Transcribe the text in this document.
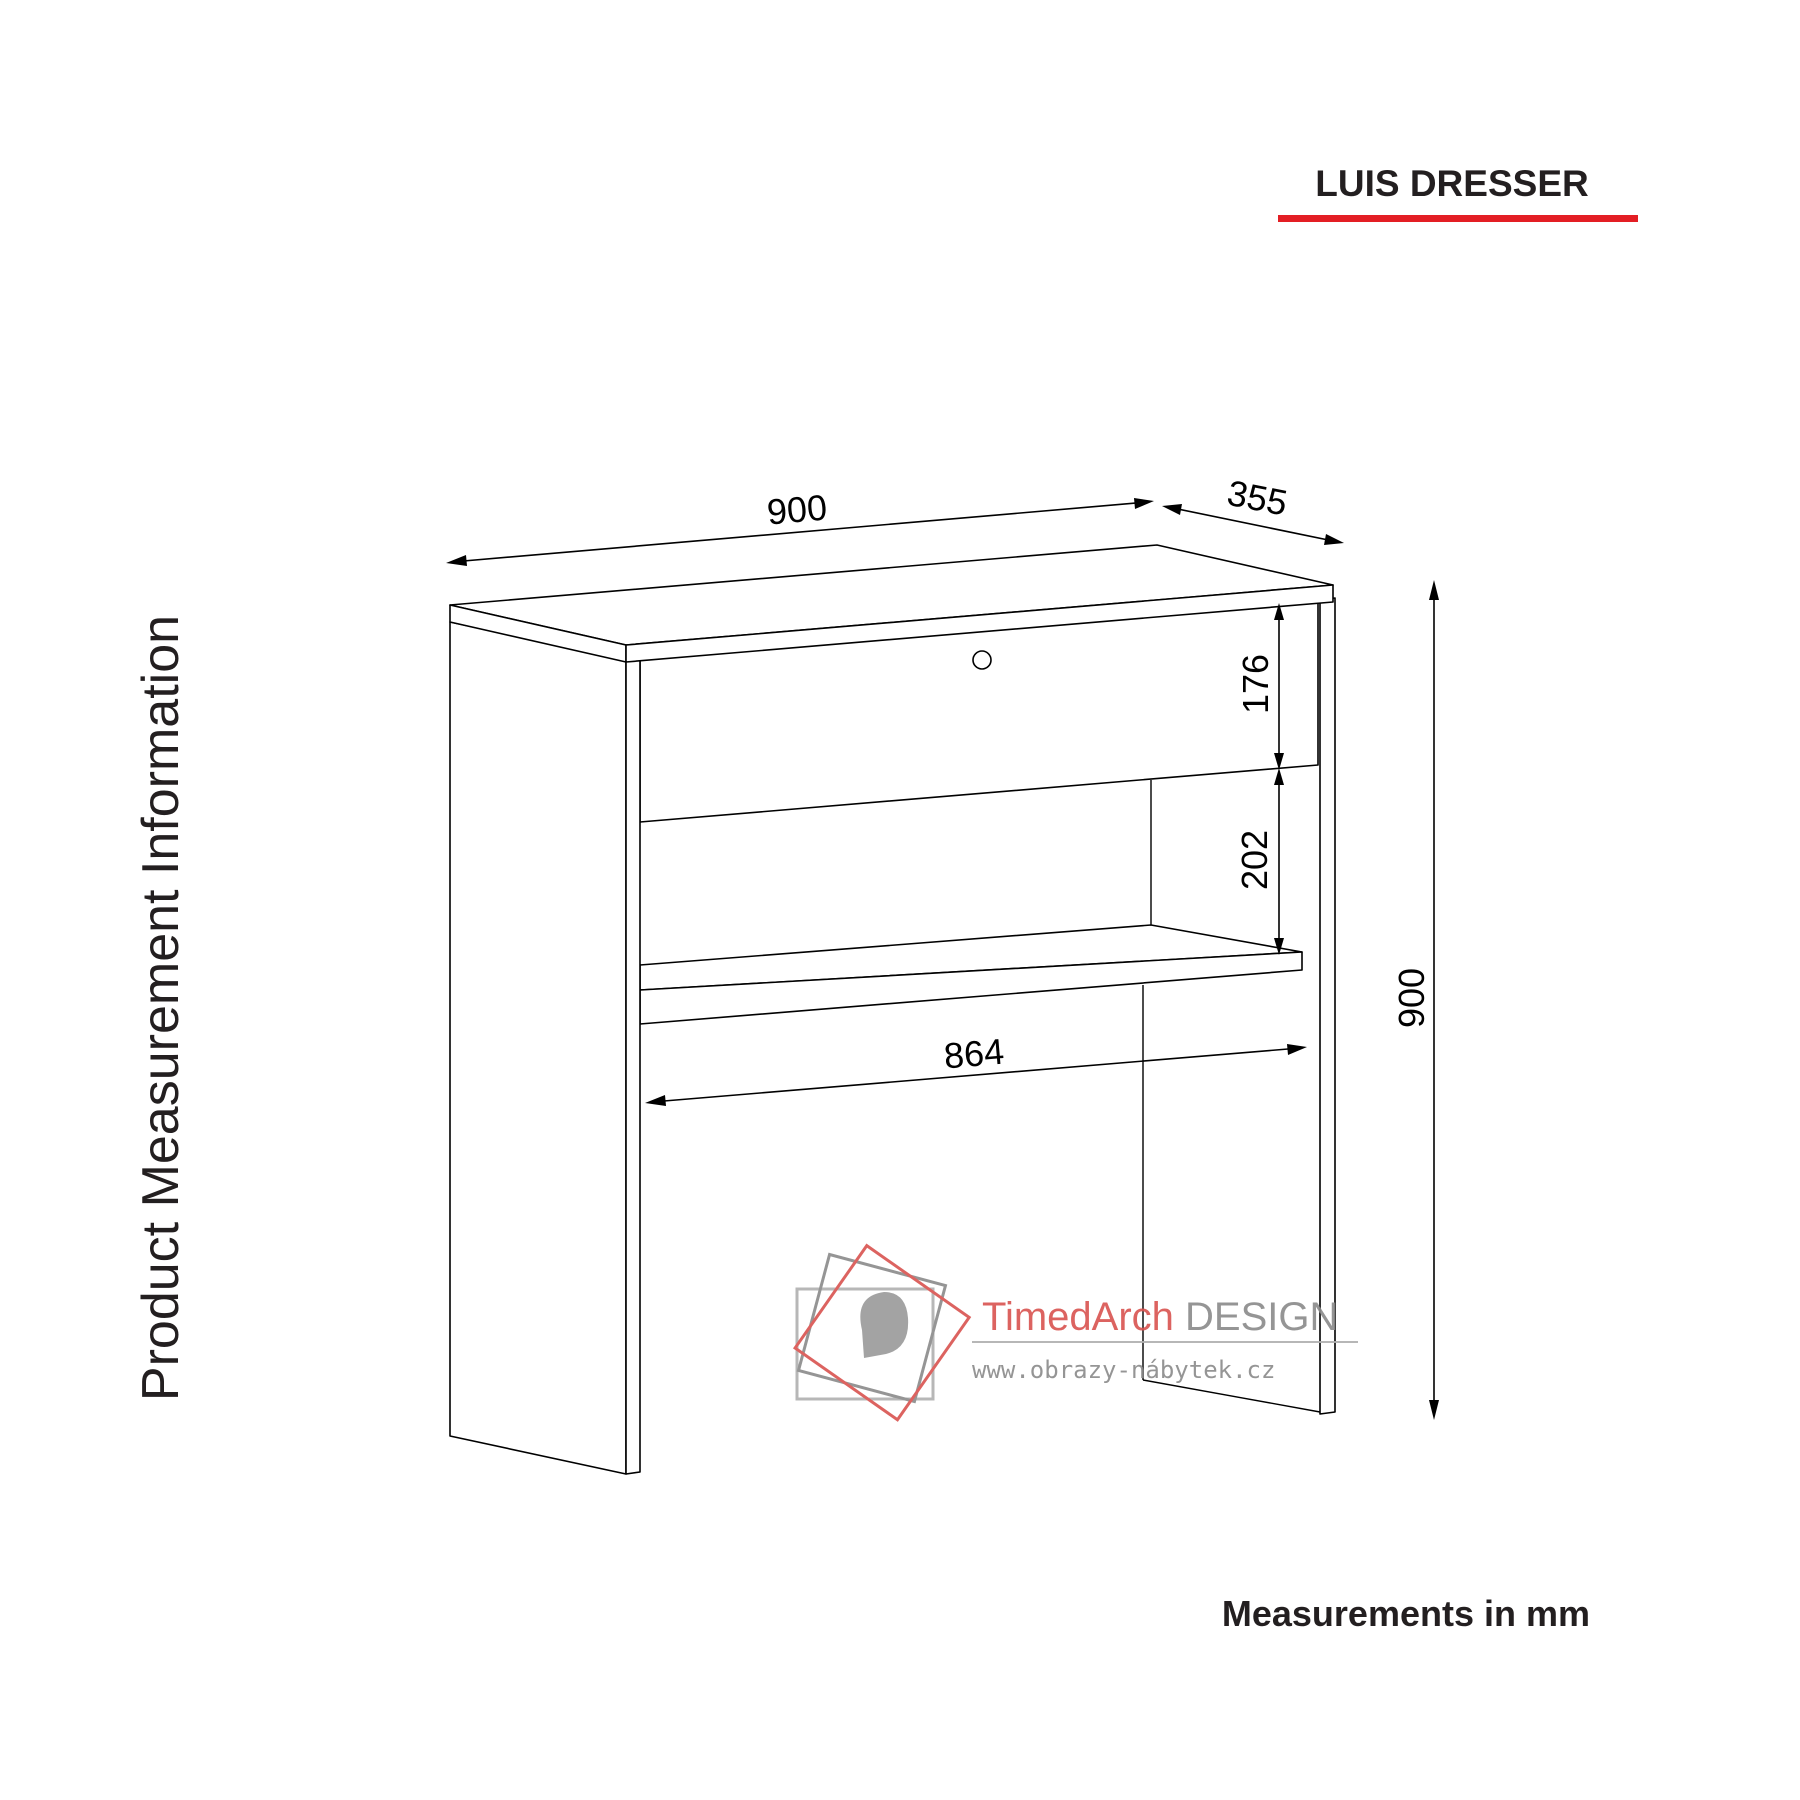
LUIS DRESSER
Product Measurement Information
900	355
900
176
202
864
TimedArch DESIGN
www.obrazy-nábytek.cz
Measurements in mm
